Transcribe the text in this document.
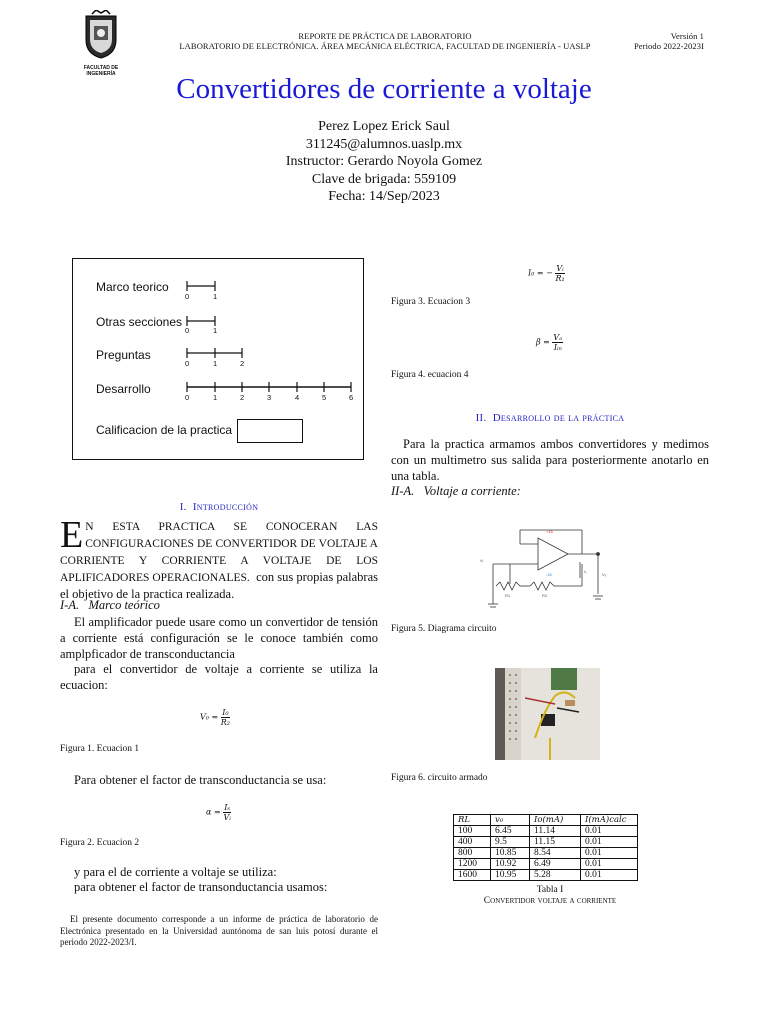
FACULTAD DE INGENIERÍA
REPORTE DE PRÁCTICA DE LABORATORIO
LABORATORIO DE ELECTRÓNICA. ÁREA MECÁNICA ELÉCTRICA, FACULTAD DE INGENIERÍA - UASLP
Versión 1
Periodo 2022-2023I
Convertidores de corriente a voltaje
Perez Lopez Erick Saul
311245@alumnos.uaslp.mx
Instructor: Gerardo Noyola Gomez
Clave de brigada: 559109
Fecha: 14/Sep/2023
Marco teorico
Otras secciones
Preguntas
Desarrollo
0	1
0	1
0	1	2
0	1	2	3	4	5	6
Calificacion de la practica
I. Introducción
E N ESTA PRACTICA SE CONOCERAN LAS CONFIGURACIONES DE CONVERTIDOR DE VOLTAJE A CORRIENTE Y CORRIENTE A VOLTAJE DE LOS APLIFICADORES OPERACIONALES. con sus propias palabras el objetivo de la practica realizada.
I-A. Marco teórico
El amplificador puede usare como un convertidor de tensión a corriente está configuración se le conoce también como amplpficador de transconductancia
para el convertidor de voltaje a corriente se utiliza la ecuacion:
$V_0 = \frac{\text{I₀}}{\text{R₂}}$
Figura 1. Ecuacion 1
Para obtener el factor de transconductancia se usa:
$\alpha = \frac{\text{Iₛ}}{\text{Vᵢ}}$
Figura 2. Ecuacion 2
y para el de corriente a voltaje se utiliza:
para obtener el factor de transonductancia usamos:
El presente documento corresponde a un informe de práctica de laboratorio de Electrónica presentado en la Universidad auntónoma de san luis potosí durante el periodo 2022-2023/I.
I₀ = − $\frac{\text{Vᵢ}}{\text{R₁}}$
Figura 3. Ecuacion 3
$\beta = \frac{\text{Vₒ}}{\text{Iᵢₙ}}$
Figura 4. ecuacion 4
II. Desarrollo de la práctica
Para la practica armamos ambos convertidores y medimos con un multimetro sus salida para posteriormente anotarlo en una tabla.
II-A. Voltaje a corriente:
+15
-15
Vᵢ
R1	R2
I₀
V₀
Figura 5. Diagrama circuito
Figura 6. circuito armado
RL	v₀	Io(mA)	I(mA)calc
100	6.45	11.14	0.01
400	9.5	11.15	0.01
800	10.85	8.54	0.01
1200	10.92	6.49	0.01
1600	10.95	5.28	0.01
Tabla I
Convertidor voltaje a corriente
